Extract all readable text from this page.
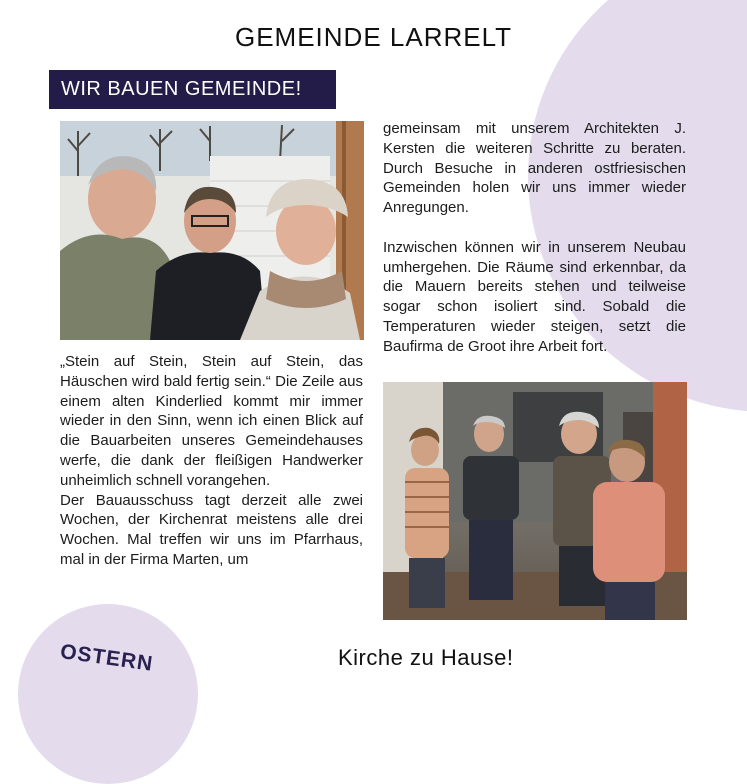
OSTERN
GEMEINDE LARRELT
WIR BAUEN GEMEINDE!

„Stein auf Stein, Stein auf Stein, das Häuschen wird bald fertig sein.“ Die Zeile aus einem alten Kinderlied kommt mir immer wieder in den Sinn, wenn ich einen Blick auf die Bauarbeiten unseres Gemeindehauses werfe, die dank der fleißigen Handwerker unheimlich schnell vorangehen.

Der Bauausschuss tagt derzeit alle zwei Wochen, der Kirchenrat meistens alle drei Wochen. Mal treffen wir uns im Pfarrhaus, mal in der Firma Marten, um

gemeinsam mit unserem Architekten J. Kersten die weiteren Schritte zu beraten. Durch Besuche in anderen ostfriesischen Gemeinden holen wir uns immer wieder Anregungen.

Inzwischen können wir in unserem Neubau umhergehen. Die Räume sind erkennbar, da die Mauern bereits stehen und teilweise sogar schon isoliert sind. Sobald die Temperaturen wieder steigen, setzt die Baufirma de Groot ihre Arbeit fort.

Kirche zu Hause!
